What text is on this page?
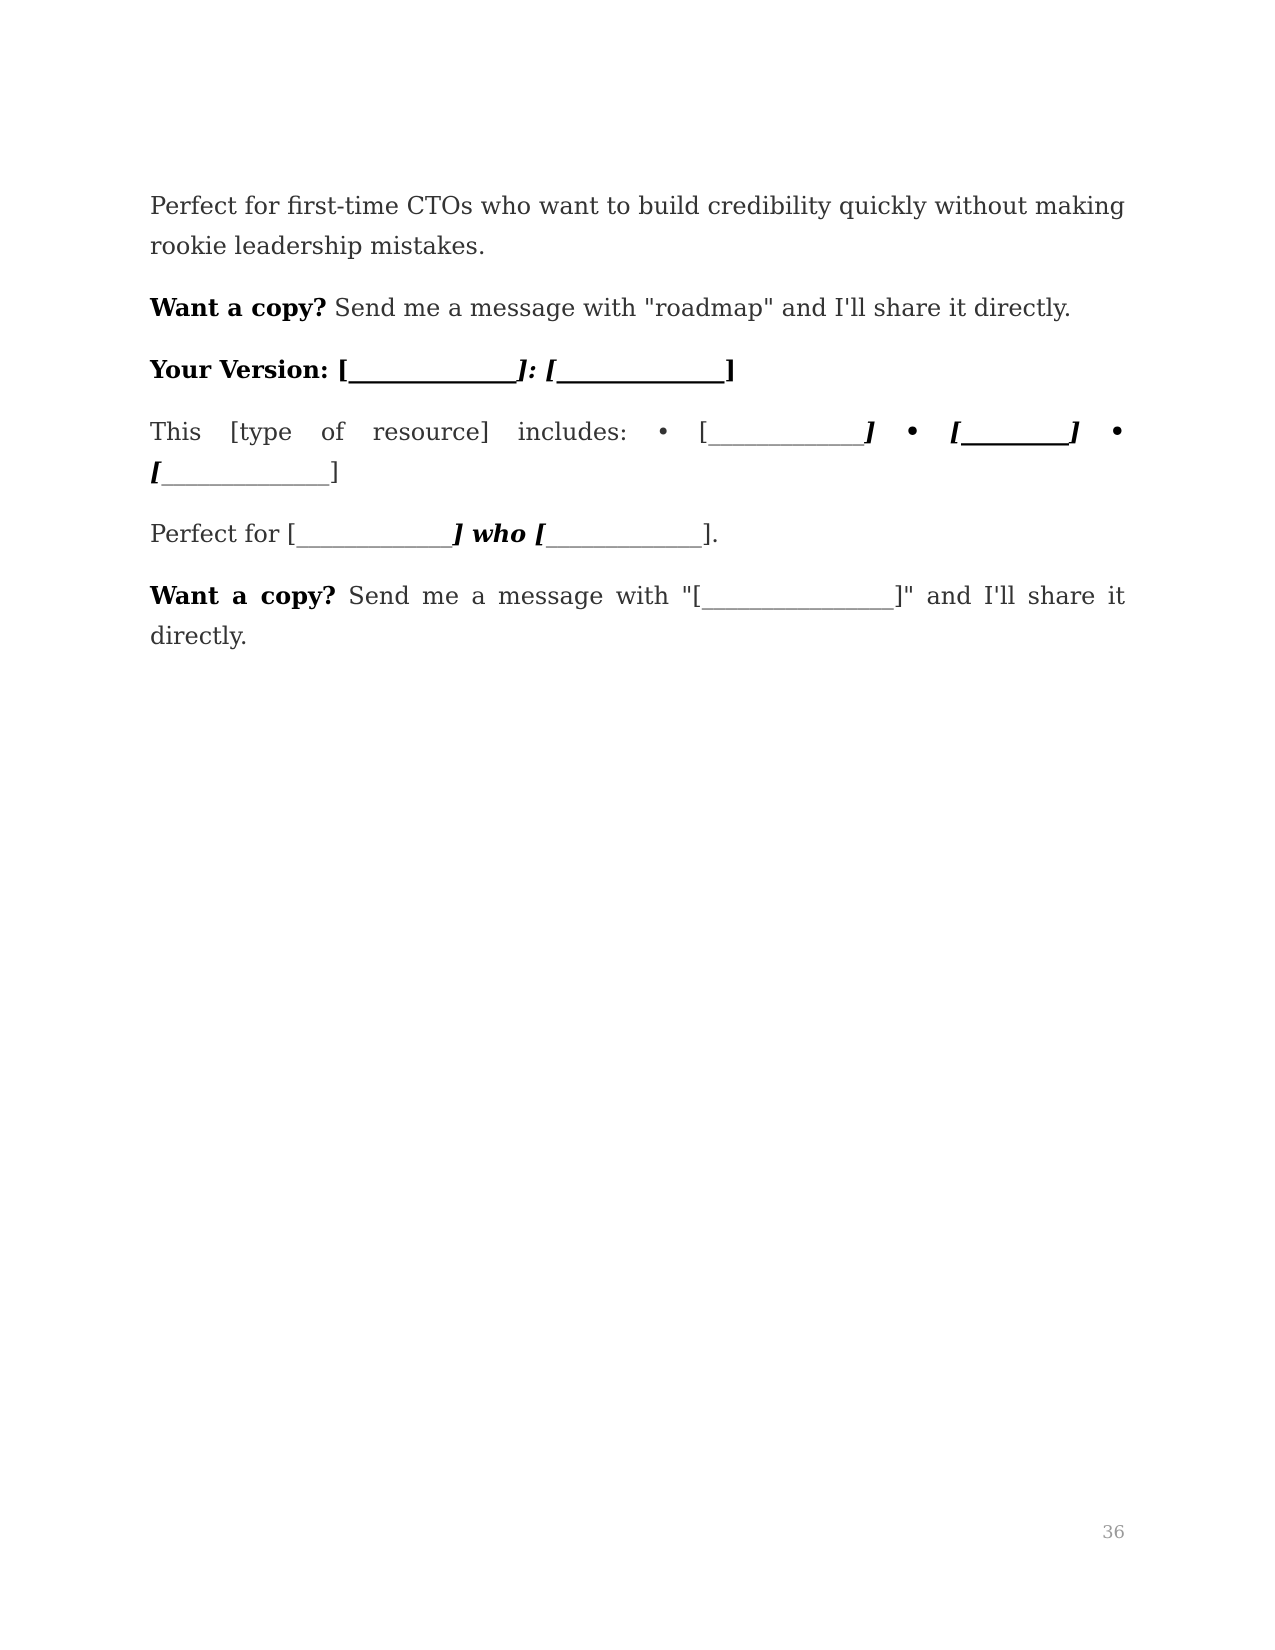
Perfect for first-time CTOs who want to build credibility quickly without making rookie leadership mistakes.

Want a copy? Send me a message with "roadmap" and I'll share it directly.

Your Version: [______________]: [______________]

This [type of resource] includes: • [_____________] • [_________] • [______________]

Perfect for [_____________] who [_____________].

Want a copy? Send me a message with "[________________]" and I'll share it directly.

36
